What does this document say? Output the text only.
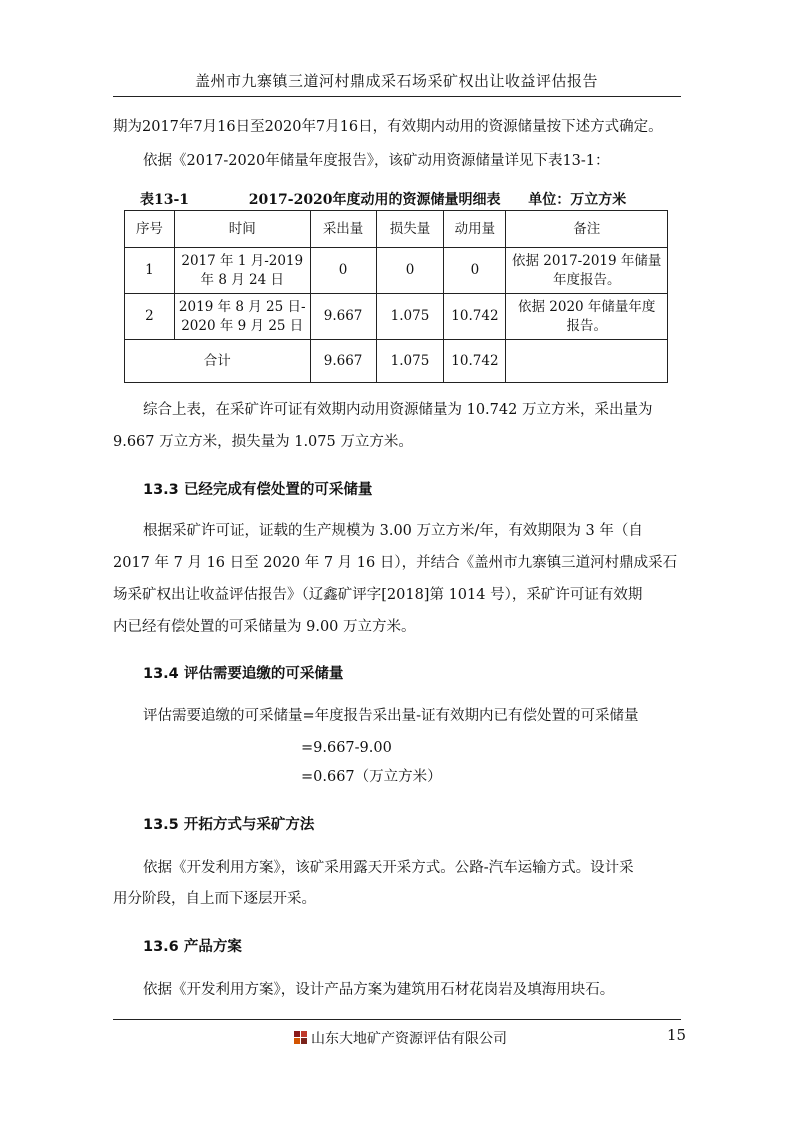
盖州市九寨镇三道河村鼎成采石场采矿权出让收益评估报告
期为2017年7月16日至2020年7月16日，有效期内动用的资源储量按下述方式确定。
依据《2017-2020年储量年度报告》，该矿动用资源储量详见下表13-1：
表13-1	2017-2020年度动用的资源储量明细表 单位：万立方米
序号	时间	采出量	损失量	动用量	备注
1	2017 年 1 月-2019
年 8 月 24 日	0	0	0	依据 2017-2019 年储量
年度报告。
2	2019 年 8 月 25 日-
2020 年 9 月 25 日	9.667	1.075	10.742	依据 2020 年储量年度
报告。
合计		9.667	1.075	10.742	
综合上表，在采矿许可证有效期内动用资源储量为 10.742 万立方米，采出量为
9.667 万立方米，损失量为 1.075 万立方米。
13.3 已经完成有偿处置的可采储量
根据采矿许可证，证载的生产规模为 3.00 万立方米/年，有效期限为 3 年（自
2017 年 7 月 16 日至 2020 年 7 月 16 日），并结合《盖州市九寨镇三道河村鼎成采石
场采矿权出让收益评估报告》（辽鑫矿评字[2018]第 1014 号），采矿许可证有效期
内已经有偿处置的可采储量为 9.00 万立方米。
13.4 评估需要追缴的可采储量
评估需要追缴的可采储量=年度报告采出量-证有效期内已有偿处置的可采储量
=9.667-9.00
=0.667（万立方米）
13.5 开拓方式与采矿方法
依据《开发利用方案》，该矿采用露天开采方式。公路-汽车运输方式。设计采
用分阶段，自上而下逐层开采。
13.6 产品方案
依据《开发利用方案》，设计产品方案为建筑用石材花岗岩及填海用块石。
山东大地矿产资源评估有限公司	15
